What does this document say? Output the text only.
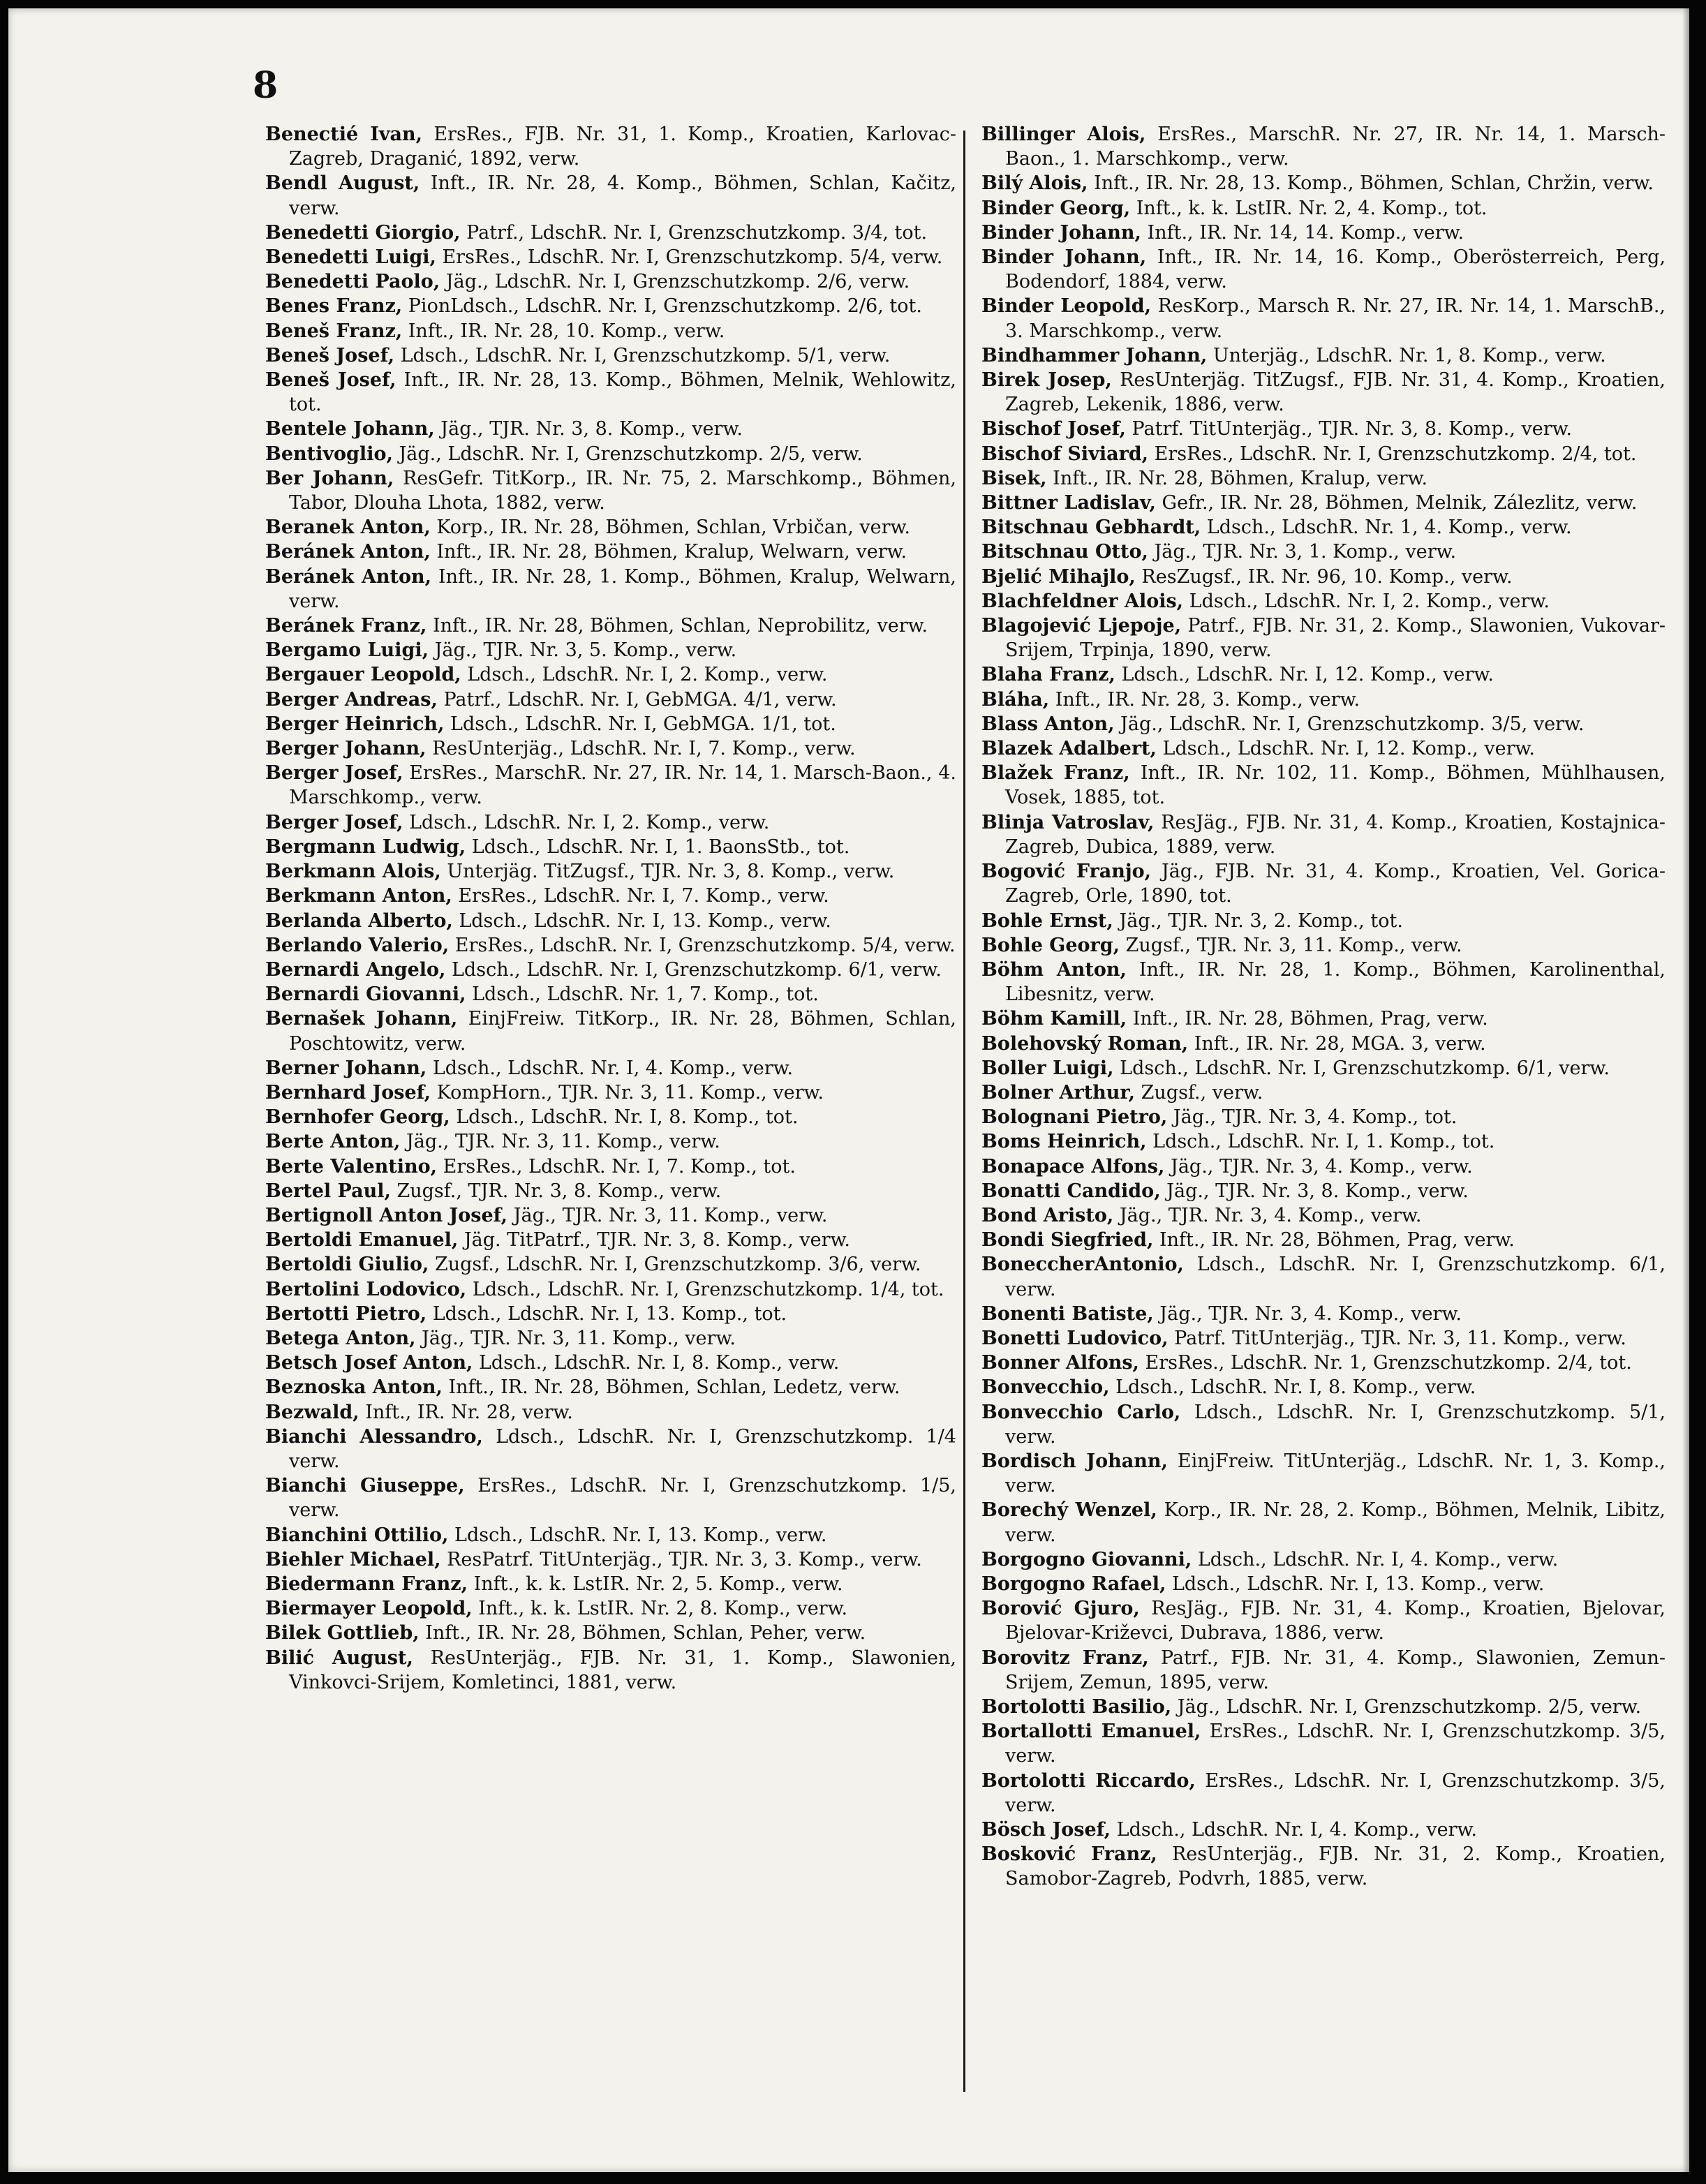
8

Benectié Ivan, ErsRes., FJB. Nr. 31, 1. Komp., Kroatien, Karlovac-Zagreb, Draganić, 1892, verw.

Bendl August, Inft., IR. Nr. 28, 4. Komp., Böhmen, Schlan, Kačitz, verw.

Benedetti Giorgio, Patrf., LdschR. Nr. I, Grenzschutzkomp. 3/4, tot.

Benedetti Luigi, ErsRes., LdschR. Nr. I, Grenzschutzkomp. 5/4, verw.

Benedetti Paolo, Jäg., LdschR. Nr. I, Grenzschutzkomp. 2/6, verw.

Benes Franz, PionLdsch., LdschR. Nr. I, Grenzschutzkomp. 2/6, tot.

Beneš Franz, Inft., IR. Nr. 28, 10. Komp., verw.

Beneš Josef, Ldsch., LdschR. Nr. I, Grenzschutzkomp. 5/1, verw.

Beneš Josef, Inft., IR. Nr. 28, 13. Komp., Böhmen, Melnik, Wehlowitz, tot.

Bentele Johann, Jäg., TJR. Nr. 3, 8. Komp., verw.

Bentivoglio, Jäg., LdschR. Nr. I, Grenzschutzkomp. 2/5, verw.

Ber Johann, ResGefr. TitKorp., IR. Nr. 75, 2. Marschkomp., Böhmen, Tabor, Dlouha Lhota, 1882, verw.

Beranek Anton, Korp., IR. Nr. 28, Böhmen, Schlan, Vrbičan, verw.

Beránek Anton, Inft., IR. Nr. 28, Böhmen, Kralup, Welwarn, verw.

Beránek Anton, Inft., IR. Nr. 28, 1. Komp., Böhmen, Kralup, Welwarn, verw.

Beránek Franz, Inft., IR. Nr. 28, Böhmen, Schlan, Neprobilitz, verw.

Bergamo Luigi, Jäg., TJR. Nr. 3, 5. Komp., verw.

Bergauer Leopold, Ldsch., LdschR. Nr. I, 2. Komp., verw.

Berger Andreas, Patrf., LdschR. Nr. I, GebMGA. 4/1, verw.

Berger Heinrich, Ldsch., LdschR. Nr. I, GebMGA. 1/1, tot.

Berger Johann, ResUnterjäg., LdschR. Nr. I, 7. Komp., verw.

Berger Josef, ErsRes., MarschR. Nr. 27, IR. Nr. 14, 1. Marsch-Baon., 4. Marschkomp., verw.

Berger Josef, Ldsch., LdschR. Nr. I, 2. Komp., verw.

Bergmann Ludwig, Ldsch., LdschR. Nr. I, 1. BaonsStb., tot.

Berkmann Alois, Unterjäg. TitZugsf., TJR. Nr. 3, 8. Komp., verw.

Berkmann Anton, ErsRes., LdschR. Nr. I, 7. Komp., verw.

Berlanda Alberto, Ldsch., LdschR. Nr. I, 13. Komp., verw.

Berlando Valerio, ErsRes., LdschR. Nr. I, Grenzschutzkomp. 5/4, verw.

Bernardi Angelo, Ldsch., LdschR. Nr. I, Grenzschutzkomp. 6/1, verw.

Bernardi Giovanni, Ldsch., LdschR. Nr. 1, 7. Komp., tot.

Bernašek Johann, EinjFreiw. TitKorp., IR. Nr. 28, Böhmen, Schlan, Poschtowitz, verw.

Berner Johann, Ldsch., LdschR. Nr. I, 4. Komp., verw.

Bernhard Josef, KompHorn., TJR. Nr. 3, 11. Komp., verw.

Bernhofer Georg, Ldsch., LdschR. Nr. I, 8. Komp., tot.

Berte Anton, Jäg., TJR. Nr. 3, 11. Komp., verw.

Berte Valentino, ErsRes., LdschR. Nr. I, 7. Komp., tot.

Bertel Paul, Zugsf., TJR. Nr. 3, 8. Komp., verw.

Bertignoll Anton Josef, Jäg., TJR. Nr. 3, 11. Komp., verw.

Bertoldi Emanuel, Jäg. TitPatrf., TJR. Nr. 3, 8. Komp., verw.

Bertoldi Giulio, Zugsf., LdschR. Nr. I, Grenzschutzkomp. 3/6, verw.

Bertolini Lodovico, Ldsch., LdschR. Nr. I, Grenzschutzkomp. 1/4, tot.

Bertotti Pietro, Ldsch., LdschR. Nr. I, 13. Komp., tot.

Betega Anton, Jäg., TJR. Nr. 3, 11. Komp., verw.

Betsch Josef Anton, Ldsch., LdschR. Nr. I, 8. Komp., verw.

Beznoska Anton, Inft., IR. Nr. 28, Böhmen, Schlan, Ledetz, verw.

Bezwald, Inft., IR. Nr. 28, verw.

Bianchi Alessandro, Ldsch., LdschR. Nr. I, Grenzschutzkomp. 1/4 verw.

Bianchi Giuseppe, ErsRes., LdschR. Nr. I, Grenzschutzkomp. 1/5, verw.

Bianchini Ottilio, Ldsch., LdschR. Nr. I, 13. Komp., verw.

Biehler Michael, ResPatrf. TitUnterjäg., TJR. Nr. 3, 3. Komp., verw.

Biedermann Franz, Inft., k. k. LstIR. Nr. 2, 5. Komp., verw.

Biermayer Leopold, Inft., k. k. LstIR. Nr. 2, 8. Komp., verw.

Bilek Gottlieb, Inft., IR. Nr. 28, Böhmen, Schlan, Peher, verw.

Bilić August, ResUnterjäg., FJB. Nr. 31, 1. Komp., Slawonien, Vinkovci-Srijem, Komletinci, 1881, verw.

Billinger Alois, ErsRes., MarschR. Nr. 27, IR. Nr. 14, 1. Marsch-Baon., 1. Marschkomp., verw.

Bilý Alois, Inft., IR. Nr. 28, 13. Komp., Böhmen, Schlan, Chržin, verw.

Binder Georg, Inft., k. k. LstIR. Nr. 2, 4. Komp., tot.

Binder Johann, Inft., IR. Nr. 14, 14. Komp., verw.

Binder Johann, Inft., IR. Nr. 14, 16. Komp., Oberösterreich, Perg, Bodendorf, 1884, verw.

Binder Leopold, ResKorp., Marsch R. Nr. 27, IR. Nr. 14, 1. MarschB., 3. Marschkomp., verw.

Bindhammer Johann, Unterjäg., LdschR. Nr. 1, 8. Komp., verw.

Birek Josep, ResUnterjäg. TitZugsf., FJB. Nr. 31, 4. Komp., Kroatien, Zagreb, Lekenik, 1886, verw.

Bischof Josef, Patrf. TitUnterjäg., TJR. Nr. 3, 8. Komp., verw.

Bischof Siviard, ErsRes., LdschR. Nr. I, Grenzschutzkomp. 2/4, tot.

Bisek, Inft., IR. Nr. 28, Böhmen, Kralup, verw.

Bittner Ladislav, Gefr., IR. Nr. 28, Böhmen, Melnik, Zálezlitz, verw.

Bitschnau Gebhardt, Ldsch., LdschR. Nr. 1, 4. Komp., verw.

Bitschnau Otto, Jäg., TJR. Nr. 3, 1. Komp., verw.

Bjelić Mihajlo, ResZugsf., IR. Nr. 96, 10. Komp., verw.

Blachfeldner Alois, Ldsch., LdschR. Nr. I, 2. Komp., verw.

Blagojević Ljepoje, Patrf., FJB. Nr. 31, 2. Komp., Slawonien, Vukovar-Srijem, Trpinja, 1890, verw.

Blaha Franz, Ldsch., LdschR. Nr. I, 12. Komp., verw.

Bláha, Inft., IR. Nr. 28, 3. Komp., verw.

Blass Anton, Jäg., LdschR. Nr. I, Grenzschutzkomp. 3/5, verw.

Blazek Adalbert, Ldsch., LdschR. Nr. I, 12. Komp., verw.

Blažek Franz, Inft., IR. Nr. 102, 11. Komp., Böhmen, Mühlhausen, Vosek, 1885, tot.

Blinja Vatroslav, ResJäg., FJB. Nr. 31, 4. Komp., Kroatien, Kostajnica-Zagreb, Dubica, 1889, verw.

Bogović Franjo, Jäg., FJB. Nr. 31, 4. Komp., Kroatien, Vel. Gorica-Zagreb, Orle, 1890, tot.

Bohle Ernst, Jäg., TJR. Nr. 3, 2. Komp., tot.

Bohle Georg, Zugsf., TJR. Nr. 3, 11. Komp., verw.

Böhm Anton, Inft., IR. Nr. 28, 1. Komp., Böhmen, Karolinenthal, Libesnitz, verw.

Böhm Kamill, Inft., IR. Nr. 28, Böhmen, Prag, verw.

Bolehovský Roman, Inft., IR. Nr. 28, MGA. 3, verw.

Boller Luigi, Ldsch., LdschR. Nr. I, Grenzschutzkomp. 6/1, verw.

Bolner Arthur, Zugsf., verw.

Bolognani Pietro, Jäg., TJR. Nr. 3, 4. Komp., tot.

Boms Heinrich, Ldsch., LdschR. Nr. I, 1. Komp., tot.

Bonapace Alfons, Jäg., TJR. Nr. 3, 4. Komp., verw.

Bonatti Candido, Jäg., TJR. Nr. 3, 8. Komp., verw.

Bond Aristo, Jäg., TJR. Nr. 3, 4. Komp., verw.

Bondi Siegfried, Inft., IR. Nr. 28, Böhmen, Prag, verw.

BoneccherAntonio, Ldsch., LdschR. Nr. I, Grenzschutzkomp. 6/1, verw.

Bonenti Batiste, Jäg., TJR. Nr. 3, 4. Komp., verw.

Bonetti Ludovico, Patrf. TitUnterjäg., TJR. Nr. 3, 11. Komp., verw.

Bonner Alfons, ErsRes., LdschR. Nr. 1, Grenzschutzkomp. 2/4, tot.

Bonvecchio, Ldsch., LdschR. Nr. I, 8. Komp., verw.

Bonvecchio Carlo, Ldsch., LdschR. Nr. I, Grenzschutzkomp. 5/1, verw.

Bordisch Johann, EinjFreiw. TitUnterjäg., LdschR. Nr. 1, 3. Komp., verw.

Borechý Wenzel, Korp., IR. Nr. 28, 2. Komp., Böhmen, Melnik, Libitz, verw.

Borgogno Giovanni, Ldsch., LdschR. Nr. I, 4. Komp., verw.

Borgogno Rafael, Ldsch., LdschR. Nr. I, 13. Komp., verw.

Borović Gjuro, ResJäg., FJB. Nr. 31, 4. Komp., Kroatien, Bjelovar, Bjelovar-Križevci, Dubrava, 1886, verw.

Borovitz Franz, Patrf., FJB. Nr. 31, 4. Komp., Slawonien, Zemun-Srijem, Zemun, 1895, verw.

Bortolotti Basilio, Jäg., LdschR. Nr. I, Grenzschutzkomp. 2/5, verw.

Bortallotti Emanuel, ErsRes., LdschR. Nr. I, Grenzschutzkomp. 3/5, verw.

Bortolotti Riccardo, ErsRes., LdschR. Nr. I, Grenzschutzkomp. 3/5, verw.

Bösch Josef, Ldsch., LdschR. Nr. I, 4. Komp., verw.

Bosković Franz, ResUnterjäg., FJB. Nr. 31, 2. Komp., Kroatien, Samobor-Zagreb, Podvrh, 1885, verw.
